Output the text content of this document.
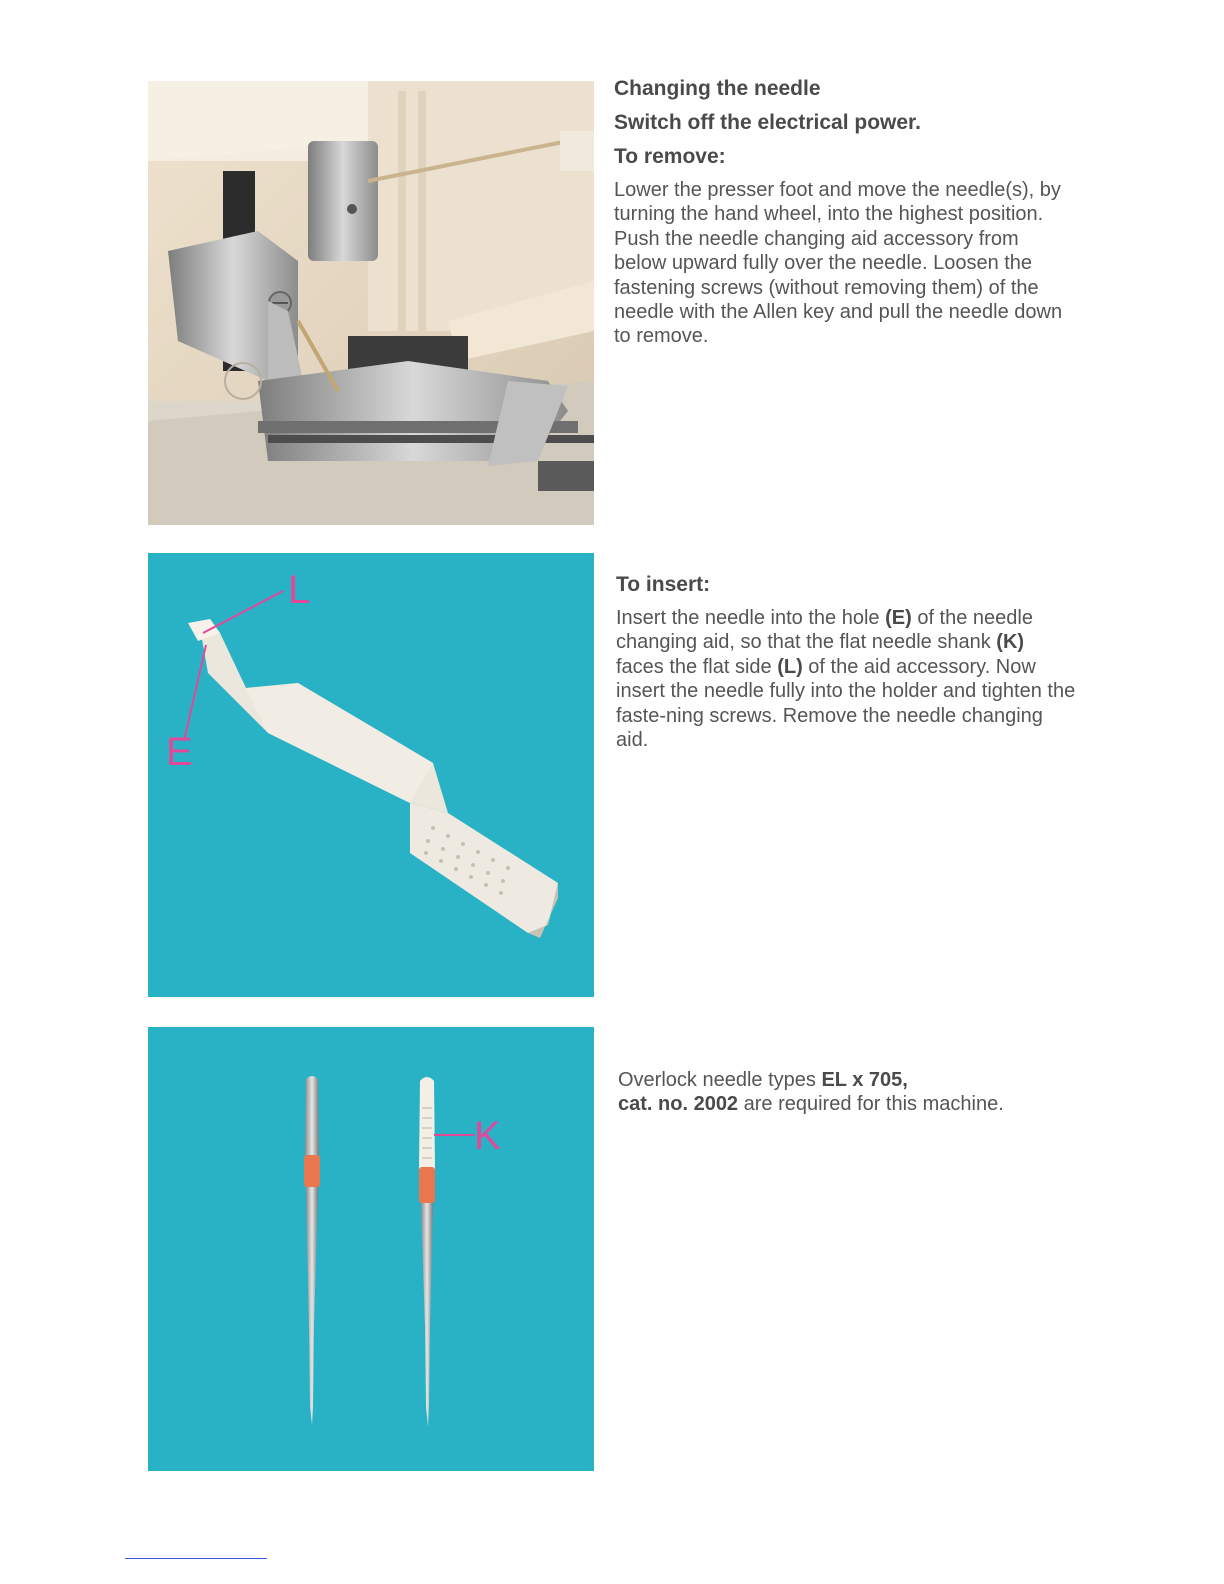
L
E
K
Changing the needle
Switch off the electrical power.
To remove:

Lower the presser foot and move the needle(s), by turning the hand wheel, into the highest position. Push the needle changing aid accessory from below upward fully over the needle. Loosen the fastening screws (without removing them) of the needle with the Allen key and pull the needle down to remove.

To insert:

Insert the needle into the hole (E) of the needle changing aid, so that the flat needle shank (K) faces the flat side (L) of the aid accessory. Now insert the needle fully into the holder and tighten the faste-ning screws. Remove the needle changing aid.

Overlock needle types EL x 705,
cat. no. 2002 are required for this machine.
